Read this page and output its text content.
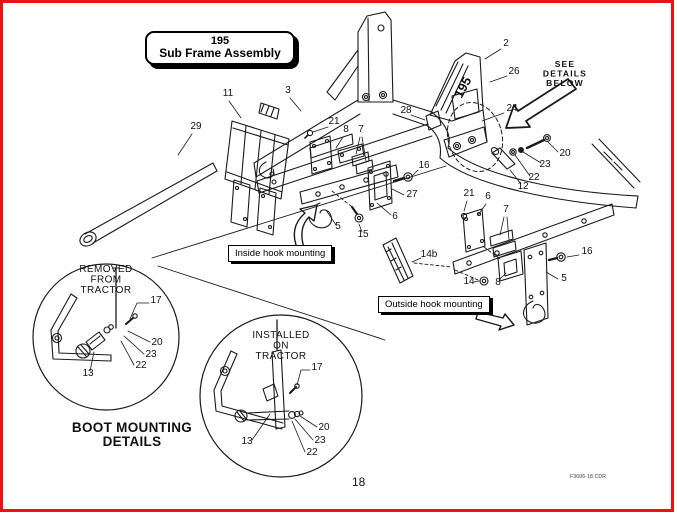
SEE
DETAILS
BELOW
195
REMOVED
FROM
TRACTOR
INSTALLED
ON
TRACTOR
BOOT MOUNTING
DETAILS
29
11	3
21
8 7
28
2
26
24
20
23
22
12
16
27
6
5
15
21 6
7
14b	16
14 8	5
17
20
23
22
13
17
20
23
22
13
195
Sub Frame Assembly
Inside hook mounting
Outside hook mounting
18	F3606-18.CDR
